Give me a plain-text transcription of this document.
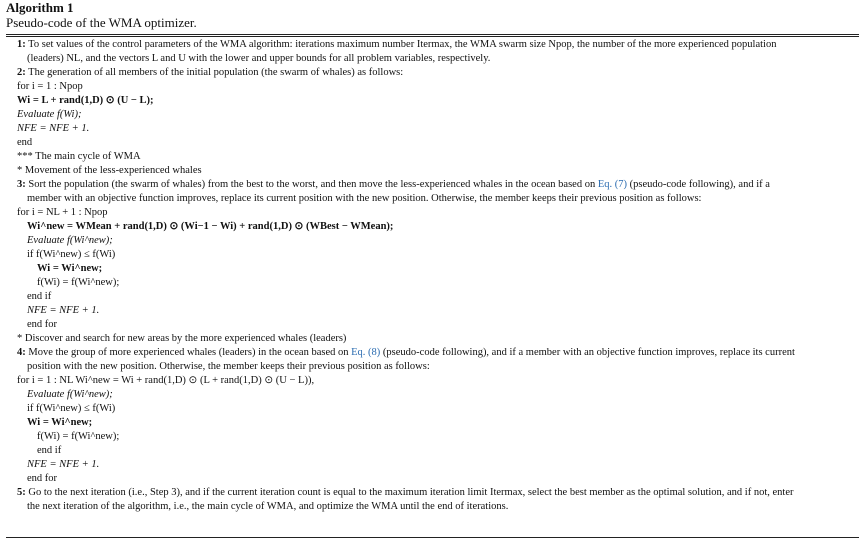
Algorithm 1
Pseudo-code of the WMA optimizer.
1: To set values of the control parameters of the WMA algorithm: iterations maximum number Itermax, the WMA swarm size Npop, the number of the more experienced population
(leaders) NL, and the vectors L and U with the lower and upper bounds for all problem variables, respectively.
2: The generation of all members of the initial population (the swarm of whales) as follows:
for i = 1 : Npop
Wi = L + rand(1,D) ⊙ (U − L);
Evaluate f(Wi);
NFE = NFE + 1.
end
*** The main cycle of WMA
* Movement of the less-experienced whales
3: Sort the population (the swarm of whales) from the best to the worst, and then move the less-experienced whales in the ocean based on Eq. (7) (pseudo-code following), and if a
member with an objective function improves, replace its current position with the new position. Otherwise, the member keeps their previous position as follows:
for i = NL + 1 : Npop
Wi^new = WMean + rand(1,D) ⊙ (Wi−1 − Wi) + rand(1,D) ⊙ (WBest − WMean);
Evaluate f(Wi^new);
if f(Wi^new) ≤ f(Wi)
Wi = Wi^new;
f(Wi) = f(Wi^new);
end if
NFE = NFE + 1.
end for
* Discover and search for new areas by the more experienced whales (leaders)
4: Move the group of more experienced whales (leaders) in the ocean based on Eq. (8) (pseudo-code following), and if a member with an objective function improves, replace its current
position with the new position. Otherwise, the member keeps their previous position as follows:
for i = 1 : NL Wi^new = Wi + rand(1,D) ⊙ (L + rand(1,D) ⊙ (U − L)),
Evaluate f(Wi^new);
if f(Wi^new) ≤ f(Wi)
Wi = Wi^new;
f(Wi) = f(Wi^new);
end if
NFE = NFE + 1.
end for
5: Go to the next iteration (i.e., Step 3), and if the current iteration count is equal to the maximum iteration limit Itermax, select the best member as the optimal solution, and if not, enter
the next iteration of the algorithm, i.e., the main cycle of WMA, and optimize the WMA until the end of iterations.
